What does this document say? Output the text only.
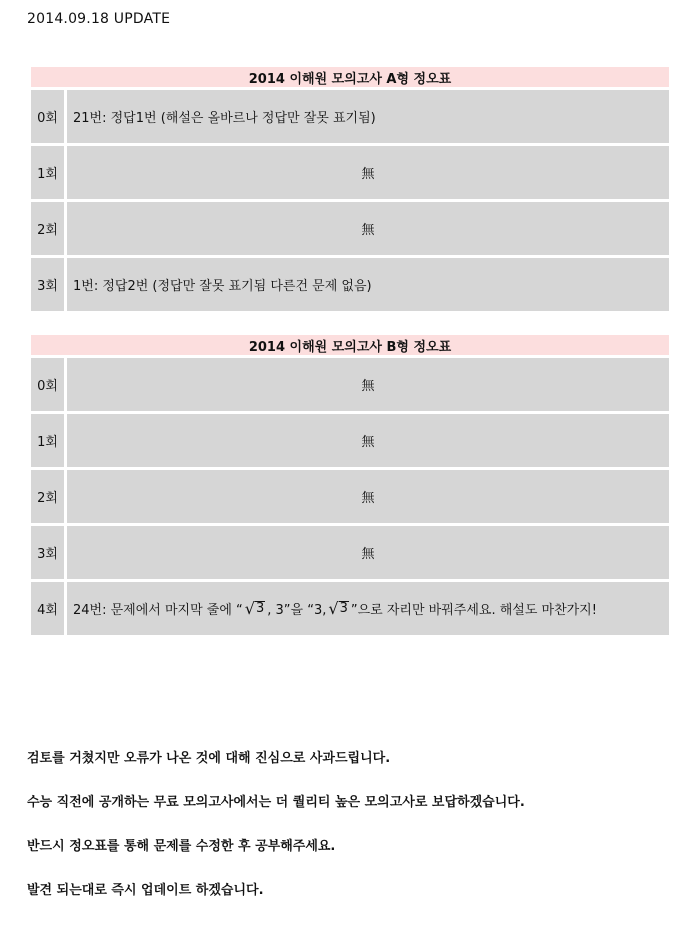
2014.09.18 UPDATE
2014 이해원 모의고사 A형 정오표
0회	21번: 정답1번 (해설은 올바르나 정답만 잘못 표기됨)
1회	無
2회	無
3회	1번: 정답2번 (정답만 잘못 표기됨 다른건 문제 없음)
2014 이해원 모의고사 B형 정오표
0회	無
1회	無
2회	無
3회	無
4회	24번: 문제에서 마지막 줄에 “ √ 3 , 3”을 “3, √ 3 ”으로 자리만 바꿔주세요. 해설도 마찬가지!
검토를 거쳤지만 오류가 나온 것에 대해 진심으로 사과드립니다.
수능 직전에 공개하는 무료 모의고사에서는 더 퀄리티 높은 모의고사로 보답하겠습니다.
반드시 정오표를 통해 문제를 수정한 후 공부해주세요.
발견 되는대로 즉시 업데이트 하겠습니다.
